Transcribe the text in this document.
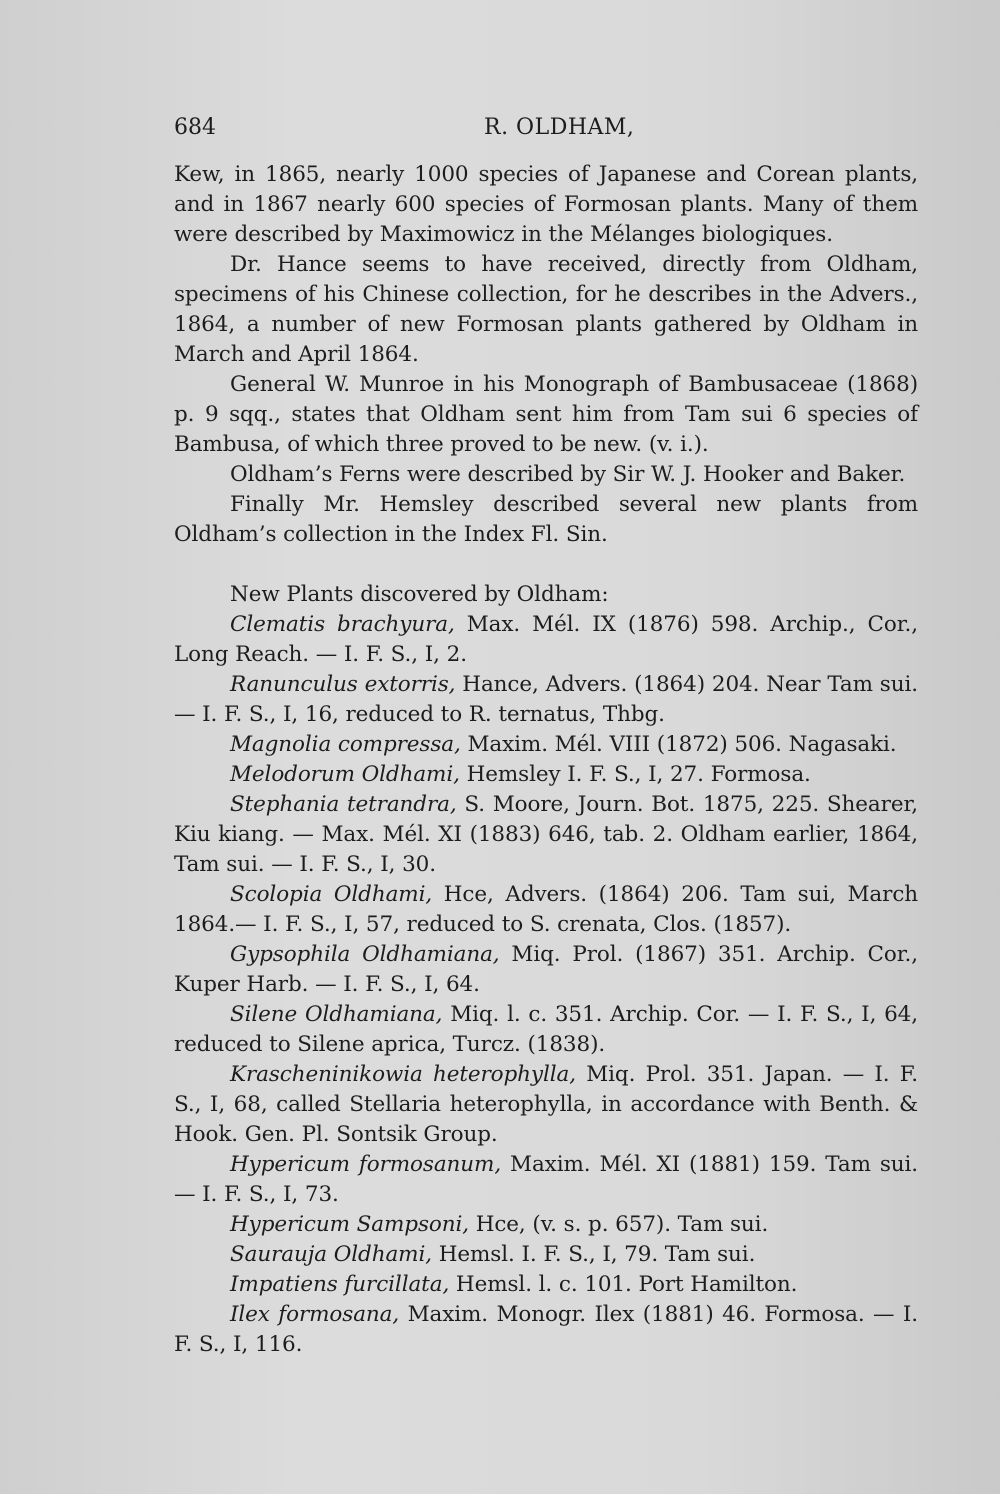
684	R. OLDHAM,

Kew, in 1865, nearly 1000 species of Japanese and Corean plants, and in 1867 nearly 600 species of Formosan plants. Many of them were described by Maximowicz in the Mélanges biologiques.

Dr. Hance seems to have received, directly from Oldham, specimens of his Chinese collection, for he describes in the Advers., 1864, a number of new Formosan plants gathered by Oldham in March and April 1864.

General W. Munroe in his Monograph of Bambusaceae (1868) p. 9 sqq., states that Oldham sent him from Tam sui 6 species of Bambusa, of which three proved to be new. (v. i.).

Oldham’s Ferns were described by Sir W. J. Hooker and Baker.

Finally Mr. Hemsley described several new plants from Oldham’s collection in the Index Fl. Sin.

New Plants discovered by Oldham:

Clematis brachyura, Max. Mél. IX (1876) 598. Archip., Cor., Long Reach. — I. F. S., I, 2.

Ranunculus extorris, Hance, Advers. (1864) 204. Near Tam sui. — I. F. S., I, 16, reduced to R. ternatus, Thbg.

Magnolia compressa, Maxim. Mél. VIII (1872) 506. Nagasaki.

Melodorum Oldhami, Hemsley I. F. S., I, 27. Formosa.

Stephania tetrandra, S. Moore, Journ. Bot. 1875, 225. Shearer, Kiu kiang. — Max. Mél. XI (1883) 646, tab. 2. Oldham earlier, 1864, Tam sui. — I. F. S., I, 30.

Scolopia Oldhami, Hce, Advers. (1864) 206. Tam sui, March 1864.— I. F. S., I, 57, reduced to S. crenata, Clos. (1857).

Gypsophila Oldhamiana, Miq. Prol. (1867) 351. Archip. Cor., Kuper Harb. — I. F. S., I, 64.

Silene Oldhamiana, Miq. l. c. 351. Archip. Cor. — I. F. S., I, 64, reduced to Silene aprica, Turcz. (1838).

Krascheninikowia heterophylla, Miq. Prol. 351. Japan. — I. F. S., I, 68, called Stellaria heterophylla, in accordance with Benth. & Hook. Gen. Pl. Sontsik Group.

Hypericum formosanum, Maxim. Mél. XI (1881) 159. Tam sui. — I. F. S., I, 73.

Hypericum Sampsoni, Hce, (v. s. p. 657). Tam sui.

Saurauja Oldhami, Hemsl. I. F. S., I, 79. Tam sui.

Impatiens furcillata, Hemsl. l. c. 101. Port Hamilton.

Ilex formosana, Maxim. Monogr. Ilex (1881) 46. Formosa. — I. F. S., I, 116.
